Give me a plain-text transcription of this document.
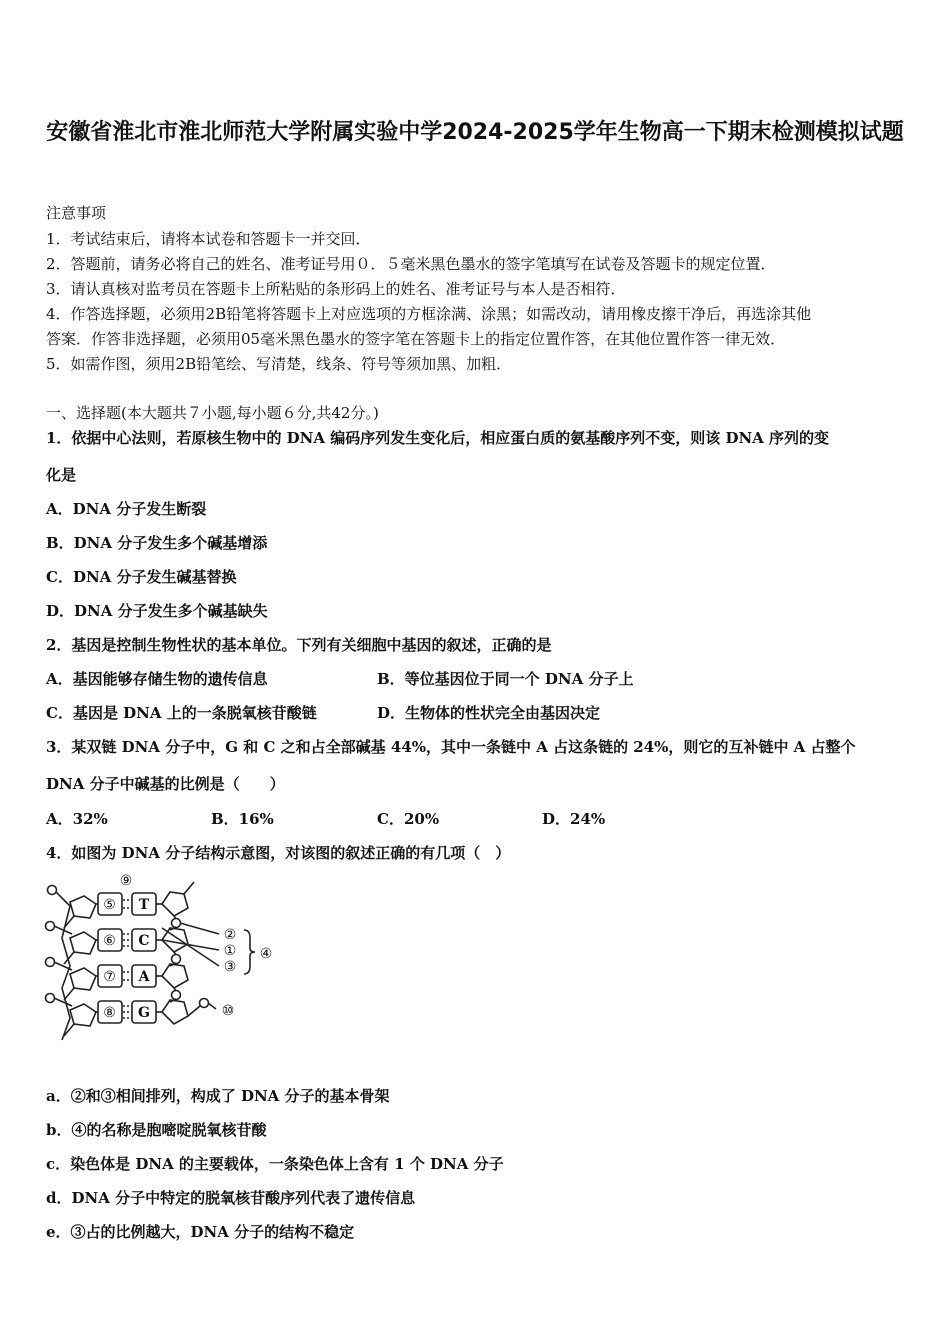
安徽省淮北市淮北师范大学附属实验中学2024-2025学年生物高一下期末检测模拟试题
注意事项
1．考试结束后，请将本试卷和答题卡一并交回．
2．答题前，请务必将自己的姓名、准考证号用０．５毫米黑色墨水的签字笔填写在试卷及答题卡的规定位置．
3．请认真核对监考员在答题卡上所粘贴的条形码上的姓名、准考证号与本人是否相符．
4．作答选择题，必须用2B铅笔将答题卡上对应选项的方框涂满、涂黑；如需改动，请用橡皮擦干净后，再选涂其他
答案．作答非选择题，必须用05毫米黑色墨水的签字笔在答题卡上的指定位置作答，在其他位置作答一律无效．
5．如需作图，须用2B铅笔绘、写清楚，线条、符号等须加黑、加粗．
一、选择题(本大题共７小题,每小题６分,共42分。)
1．依据中心法则，若原核生物中的 DNA 编码序列发生变化后，相应蛋白质的氨基酸序列不变，则该 DNA 序列的变
化是
A．DNA 分子发生断裂
B．DNA 分子发生多个碱基增添
C．DNA 分子发生碱基替换
D．DNA 分子发生多个碱基缺失
2．基因是控制生物性状的基本单位。下列有关细胞中基因的叙述，正确的是
A．基因能够存储生物的遗传信息	B．等位基因位于同一个 DNA 分子上
C．基因是 DNA 上的一条脱氧核苷酸链	D．生物体的性状完全由基因决定
3．某双链 DNA 分子中，G 和 C 之和占全部碱基 44%，其中一条链中 A 占这条链的 24%，则它的互补链中 A 占整个
DNA 分子中碱基的比例是（　　）
A．32%	B．16%	C．20%	D．24%
4．如图为 DNA 分子结构示意图，对该图的叙述正确的有几项（　）
⑤
⑥
⑦
⑧
T
C
A
G
⑨
②
①
③
④
⑩
a．②和③相间排列，构成了 DNA 分子的基本骨架
b．④的名称是胞嘧啶脱氧核苷酸
c．染色体是 DNA 的主要载体，一条染色体上含有 1 个 DNA 分子
d．DNA 分子中特定的脱氧核苷酸序列代表了遗传信息
e．③占的比例越大，DNA 分子的结构不稳定
